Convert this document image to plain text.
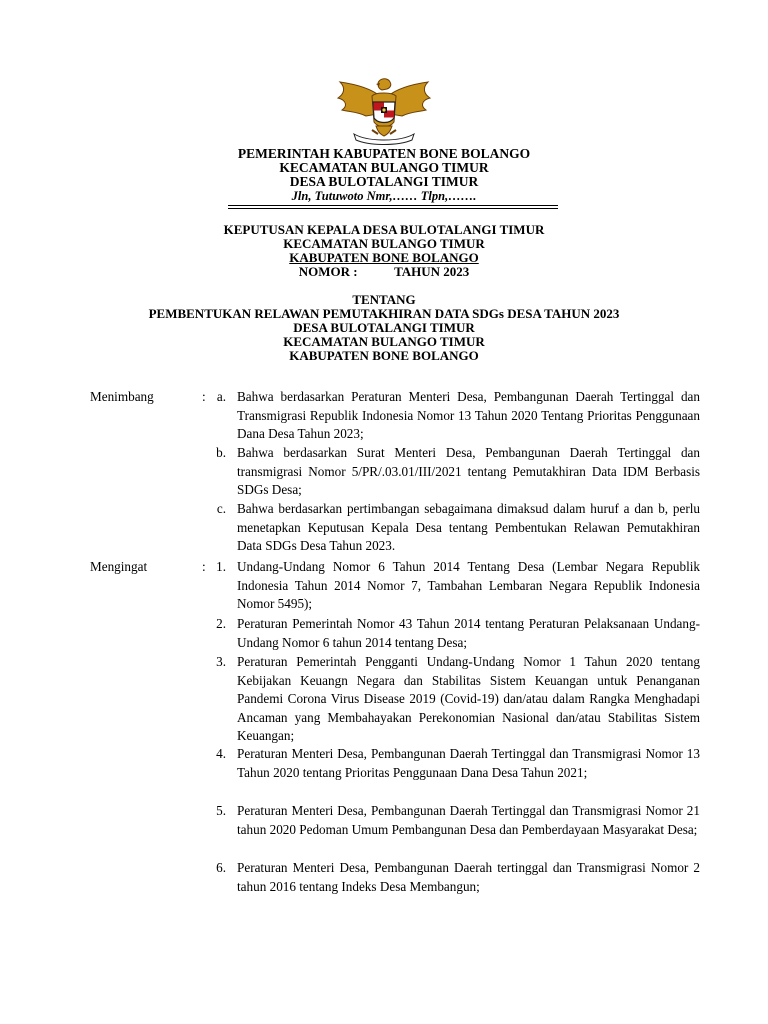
PEMERINTAH KABUPATEN BONE BOLANGO
KECAMATAN BULANGO TIMUR
DESA BULOTALANGI TIMUR
Jln, Tutuwoto Nmr,…… Tlpn,…….
KEPUTUSAN KEPALA DESA BULOTALANGI TIMUR
KECAMATAN BULANGO TIMUR
KABUPATEN BONE BOLANGO
NOMOR :	TAHUN 2023
TENTANG
PEMBENTUKAN RELAWAN PEMUTAKHIRAN DATA SDGs DESA TAHUN 2023
DESA BULOTALANGI TIMUR
KECAMATAN BULANGO TIMUR
KABUPATEN BONE BOLANGO
Menimbang	: a. Bahwa berdasarkan Peraturan Menteri Desa, Pembangunan Daerah Tertinggal dan Transmigrasi Republik Indonesia Nomor 13 Tahun 2020 Tentang Prioritas Penggunaan Dana Desa Tahun 2023;
b. Bahwa berdasarkan Surat Menteri Desa, Pembangunan Daerah Tertinggal dan transmigrasi Nomor 5/PR/.03.01/III/2021 tentang Pemutakhiran Data IDM Berbasis SDGs Desa;
c. Bahwa berdasarkan pertimbangan sebagaimana dimaksud dalam huruf a dan b, perlu menetapkan Keputusan Kepala Desa tentang Pembentukan Relawan Pemutakhiran Data SDGs Desa Tahun 2023.
Mengingat	: 1. Undang-Undang Nomor 6 Tahun 2014 Tentang Desa (Lembar Negara Republik Indonesia Tahun 2014 Nomor 7, Tambahan Lembaran Negara Republik Indonesia Nomor 5495);
2. Peraturan Pemerintah Nomor 43 Tahun 2014 tentang Peraturan Pelaksanaan Undang-Undang Nomor 6 tahun 2014 tentang Desa;
3. Peraturan Pemerintah Pengganti Undang-Undang Nomor 1 Tahun 2020 tentang Kebijakan Keuangn Negara dan Stabilitas Sistem Keuangan untuk Penanganan Pandemi Corona Virus Disease 2019 (Covid-19) dan/atau dalam Rangka Menghadapi Ancaman yang Membahayakan Perekonomian Nasional dan/atau Stabilitas Sistem Keuangan;
4. Peraturan Menteri Desa, Pembangunan Daerah Tertinggal dan Transmigrasi Nomor 13 Tahun 2020 tentang Prioritas Penggunaan Dana Desa Tahun 2021;
5. Peraturan Menteri Desa, Pembangunan Daerah Tertinggal dan Transmigrasi Nomor 21 tahun 2020 Pedoman Umum Pembangunan Desa dan Pemberdayaan Masyarakat Desa;
6. Peraturan Menteri Desa, Pembangunan Daerah tertinggal dan Transmigrasi Nomor 2 tahun 2016 tentang Indeks Desa Membangun;
